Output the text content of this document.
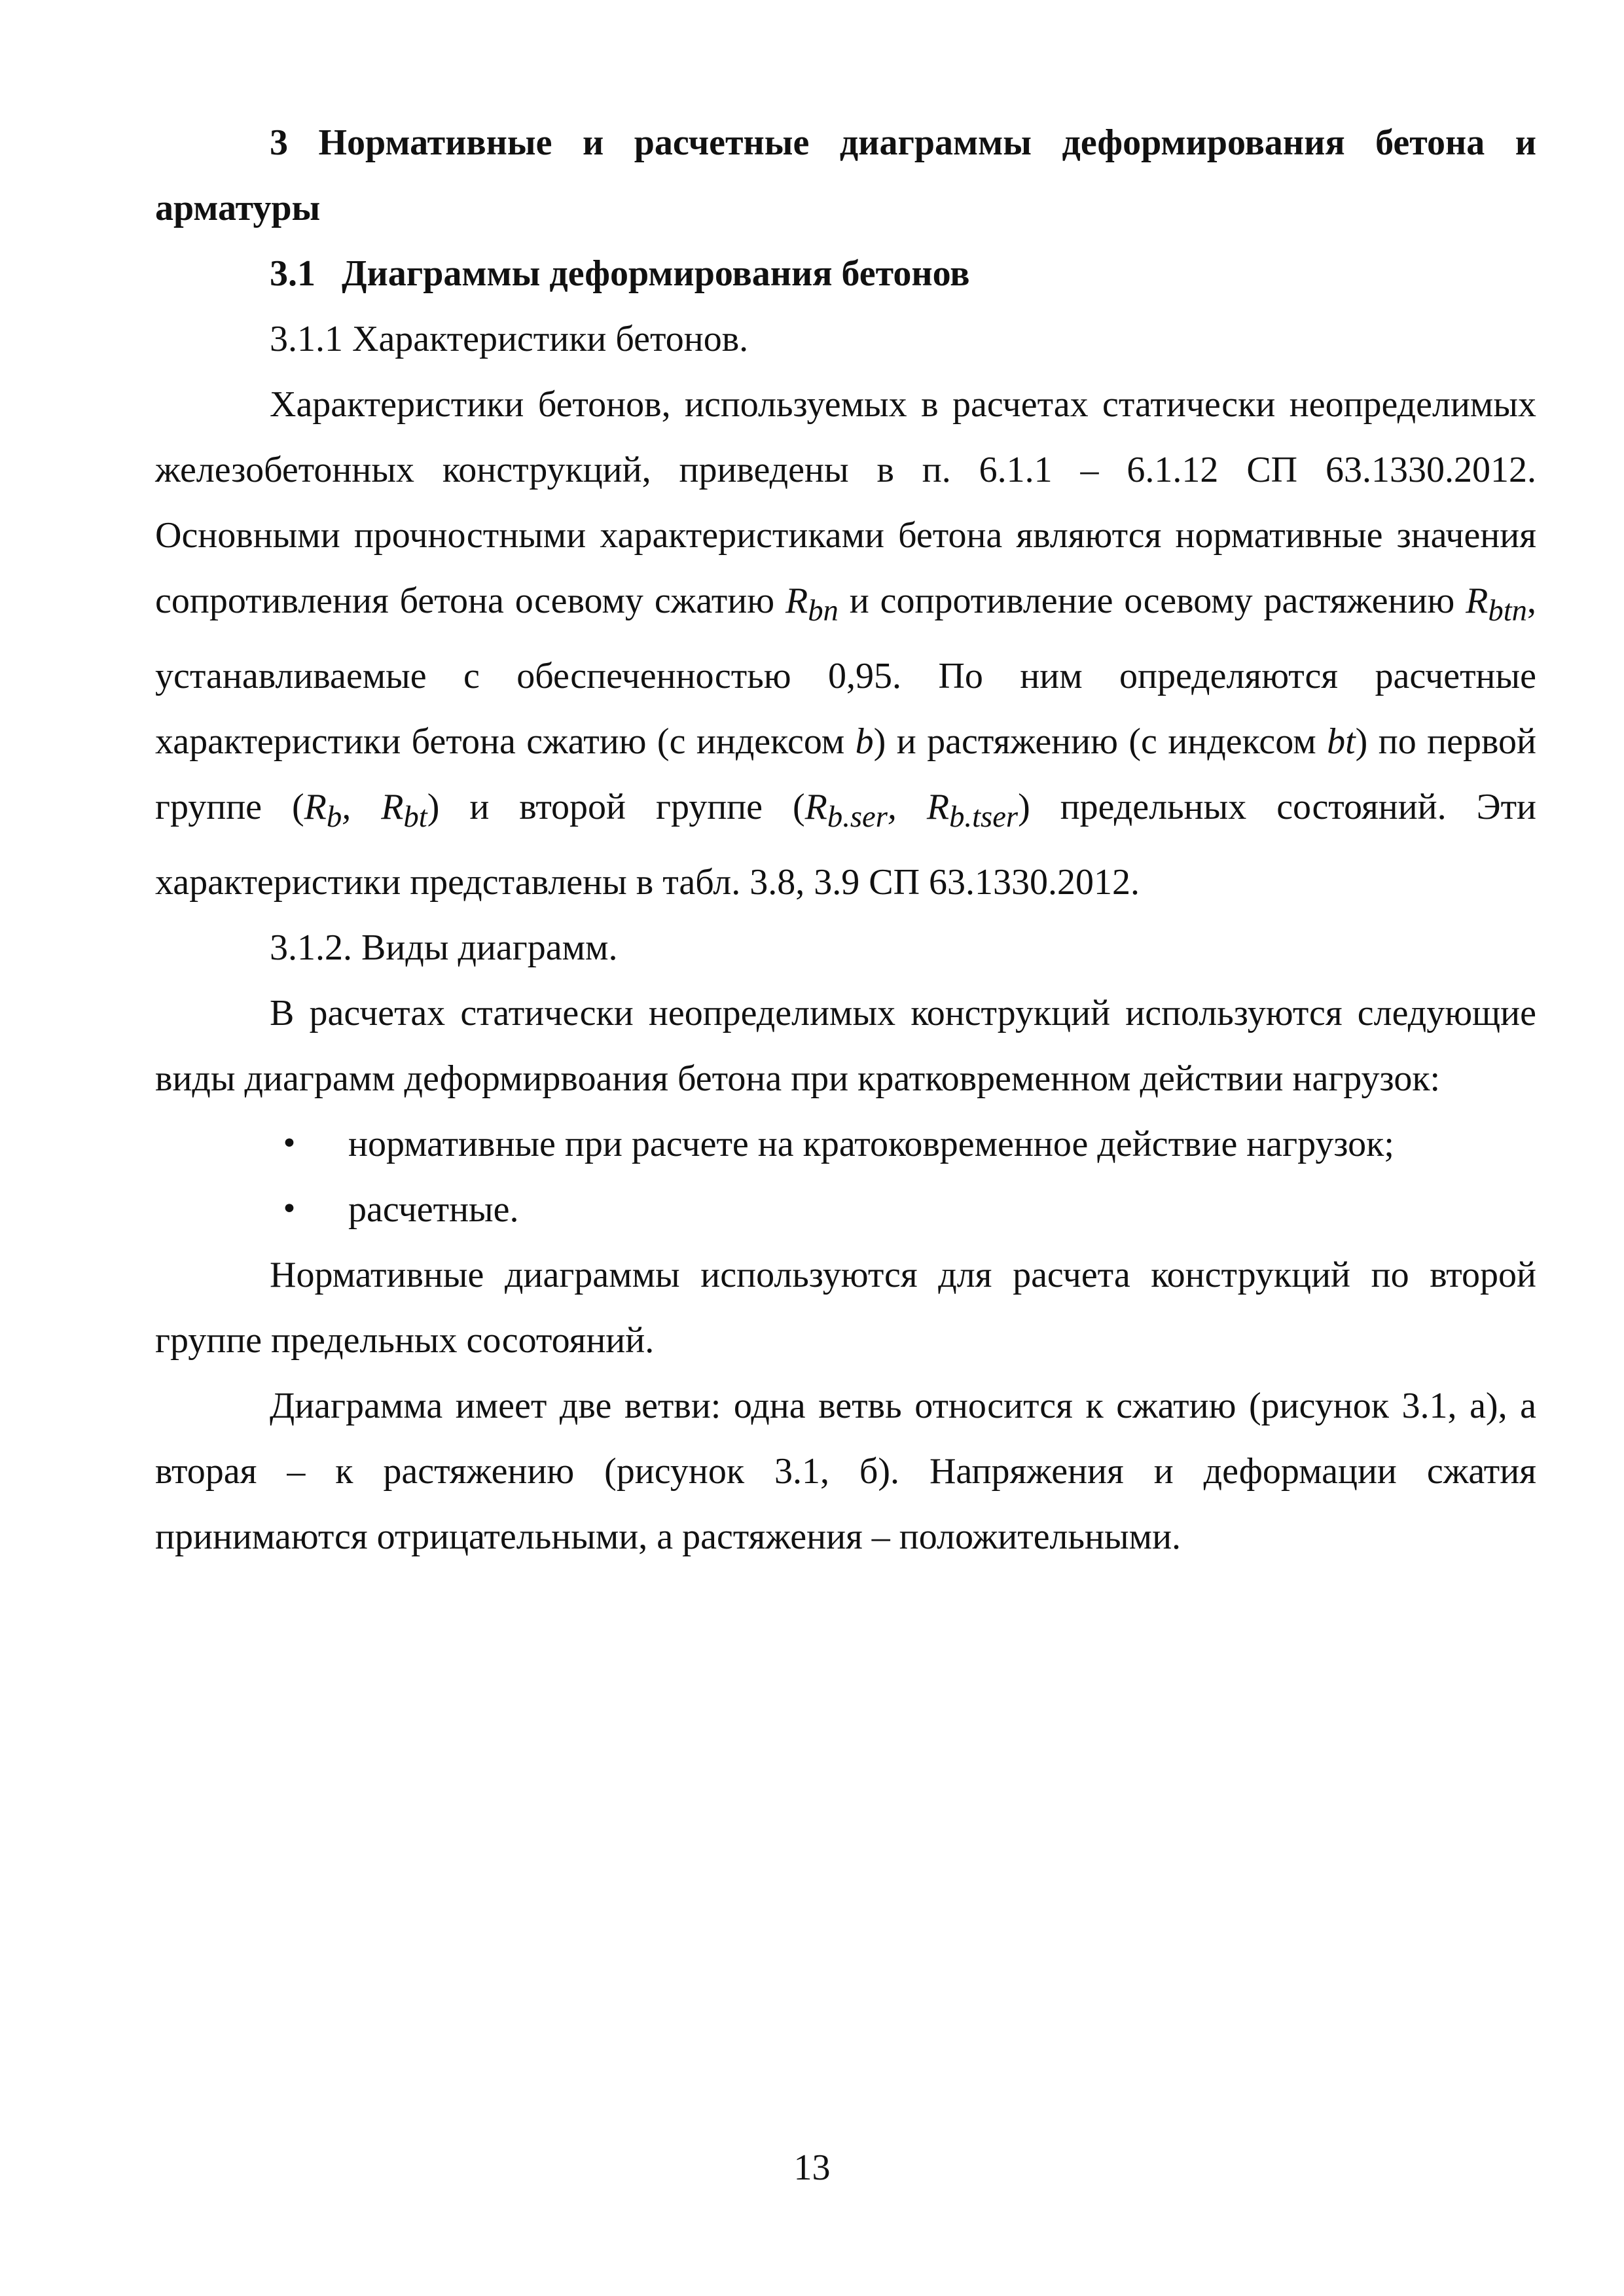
3 Нормативные и расчетные диаграммы деформирования бетона и арматуры

3.1 Диаграммы деформирования бетонов

3.1.1 Характеристики бетонов.

Характеристики бетонов, используемых в расчетах статически неопределимых железобетонных конструкций, приведены в п. 6.1.1 – 6.1.12 СП 63.1330.2012. Основными прочностными характеристиками бетона являются нормативные значения сопротивления бетона осевому сжатию $R_{bn}$ и сопротивление осевому растяжению $R_{btn}$, устанавливаемые с обеспеченностью 0,95. По ним определяются расчетные характеристики бетона сжатию (с индексом b) и растяжению (с индексом bt) по первой группе ($R_b$, $R_{bt}$) и второй группе ($R_{b.ser}$, $R_{b.tser}$) предельных состояний. Эти характеристики представлены в табл. 3.8, 3.9 СП 63.1330.2012.

3.1.2. Виды диаграмм.

В расчетах статически неопределимых конструкций используются следующие виды диаграмм деформирвоания бетона при кратковременном действии нагрузок:

•	нормативные при расчете на кратоковременное действие нагрузок;
•	расчетные.

Нормативные диаграммы используются для расчета конструкций по второй группе предельных сосотояний.

Диаграмма имеет две ветви: одна ветвь относится к сжатию (рисунок 3.1, а), а вторая – к растяжению (рисунок 3.1, б). Напряжения и деформации сжатия принимаются отрицательными, а растяжения – положительными.

13
